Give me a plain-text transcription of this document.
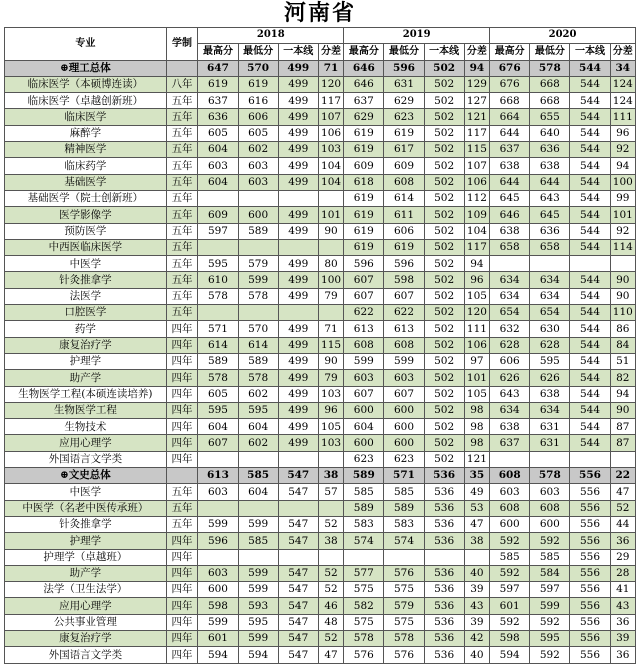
河南省
专业	学制	2018				2019				2020			
		最高分	最低分	一本线	分差	最高分	最低分	一本线	分差	最高分	最低分	一本线	分差
⊕理工总体		647	570	499	71	646	596	502	94	676	578	544	34
临床医学（本硕博连读）	八年	619	619	499	120	646	631	502	129	676	668	544	124
临床医学（卓越创新班）	五年	637	616	499	117	637	629	502	127	668	668	544	124
临床医学	五年	636	606	499	107	629	623	502	121	664	655	544	111
麻醉学	五年	605	605	499	106	619	619	502	117	644	640	544	96
精神医学	五年	604	602	499	103	619	617	502	115	637	636	544	92
临床药学	五年	603	603	499	104	609	609	502	107	638	638	544	94
基础医学	五年	604	603	499	104	618	608	502	106	644	644	544	100
基础医学（院士创新班）	五年					619	614	502	112	645	643	544	99
医学影像学	五年	609	600	499	101	619	611	502	109	646	645	544	101
预防医学	五年	597	589	499	90	619	606	502	104	638	636	544	92
中西医临床医学	五年					619	619	502	117	658	658	544	114
中医学	五年	595	579	499	80	596	596	502	94				
针灸推拿学	五年	610	599	499	100	607	598	502	96	634	634	544	90
法医学	五年	578	578	499	79	607	607	502	105	634	634	544	90
口腔医学	五年					622	622	502	120	654	654	544	110
药学	四年	571	570	499	71	613	613	502	111	632	630	544	86
康复治疗学	四年	614	614	499	115	608	608	502	106	628	628	544	84
护理学	四年	589	589	499	90	599	599	502	97	606	595	544	51
助产学	四年	578	578	499	79	603	603	502	101	626	626	544	82
生物医学工程(本硕连读培养)	四年	605	602	499	103	607	607	502	105	643	638	544	94
生物医学工程	四年	595	595	499	96	600	600	502	98	634	634	544	90
生物技术	四年	604	604	499	105	604	600	502	98	638	631	544	87
应用心理学	四年	607	602	499	103	600	600	502	98	637	631	544	87
外国语言文学类	四年					623	623	502	121				
⊕文史总体		613	585	547	38	589	571	536	35	608	578	556	22
中医学	五年	603	604	547	57	585	585	536	49	603	603	556	47
中医学（名老中医传承班）	五年					589	589	536	53	608	608	556	52
针灸推拿学	五年	599	599	547	52	583	583	536	47	600	600	556	44
护理学	四年	596	585	547	38	574	574	536	38	592	592	556	36
护理学（卓越班）	四年									585	585	556	29
助产学	四年	603	599	547	52	577	576	536	40	592	584	556	28
法学（卫生法学）	四年	600	599	547	52	575	575	536	39	597	597	556	41
应用心理学	四年	598	593	547	46	582	579	536	43	601	599	556	43
公共事业管理	四年	599	595	547	48	575	575	536	39	592	592	556	36
康复治疗学	四年	601	599	547	52	578	578	536	42	598	595	556	39
外国语言文学类	四年	594	594	547	47	576	576	536	40	594	592	556	36
